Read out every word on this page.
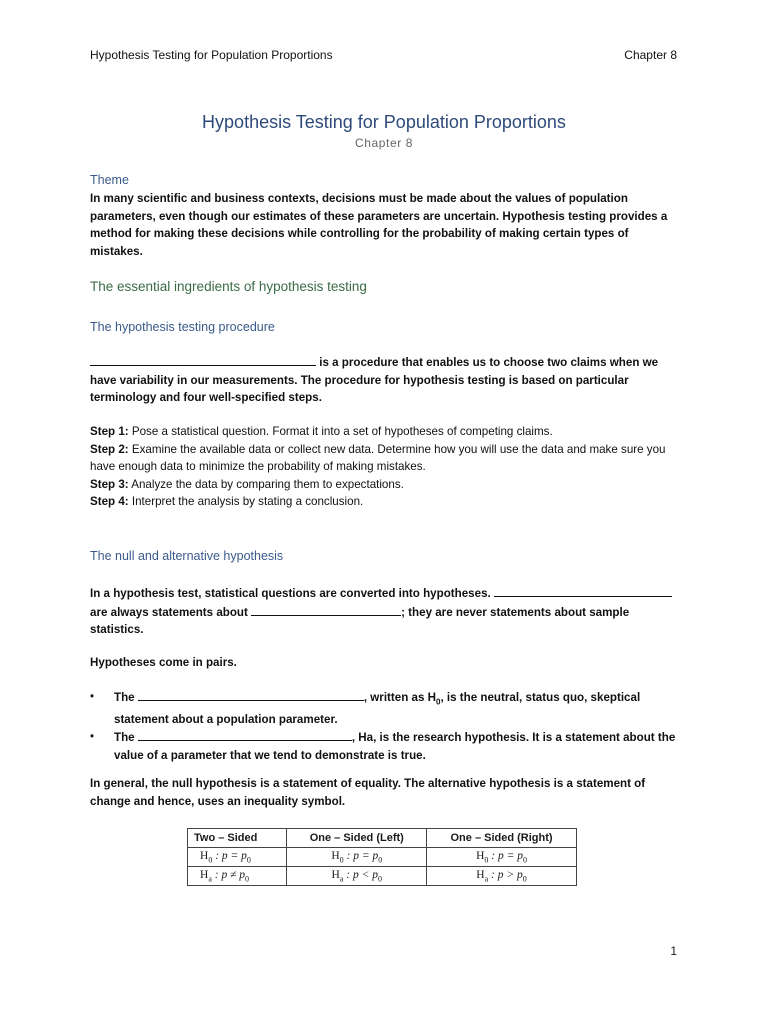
Hypothesis Testing for Population Proportions	Chapter 8
Hypothesis Testing for Population Proportions
Chapter 8
Theme

In many scientific and business contexts, decisions must be made about the values of population parameters, even though our estimates of these parameters are uncertain. Hypothesis testing provides a method for making these decisions while controlling for the probability of making certain types of mistakes.

The essential ingredients of hypothesis testing
The hypothesis testing procedure

is a procedure that enables us to choose two claims when we have variability in our measurements. The procedure for hypothesis testing is based on particular terminology and four well-specified steps.

Step 1: Pose a statistical question. Format it into a set of hypotheses of competing claims.

Step 2: Examine the available data or collect new data. Determine how you will use the data and make sure you have enough data to minimize the probability of making mistakes.

Step 3: Analyze the data by comparing them to expectations.

Step 4: Interpret the analysis by stating a conclusion.

The null and alternative hypothesis

In a hypothesis test, statistical questions are converted into hypotheses.
are always statements about	; they are never statements about sample statistics.

Hypotheses come in pairs.

• The	, written as $H_0$, is the neutral, status quo, skeptical statement about a population parameter.
• The	, Ha, is the research hypothesis. It is a statement about the value of a parameter that we tend to demonstrate is true.

In general, the null hypothesis is a statement of equality. The alternative hypothesis is a statement of change and hence, uses an inequality symbol.

Two – Sided	One – Sided (Left)	One – Sided (Right)
$H_0$ : $p = p_0$	$H_0$ : $p = p_0$	$H_0$ : $p = p_0$
$H_a$ : $p \ne p_0$	$H_a$ : $p < p_0$	$H_a$ : $p > p_0$
1
